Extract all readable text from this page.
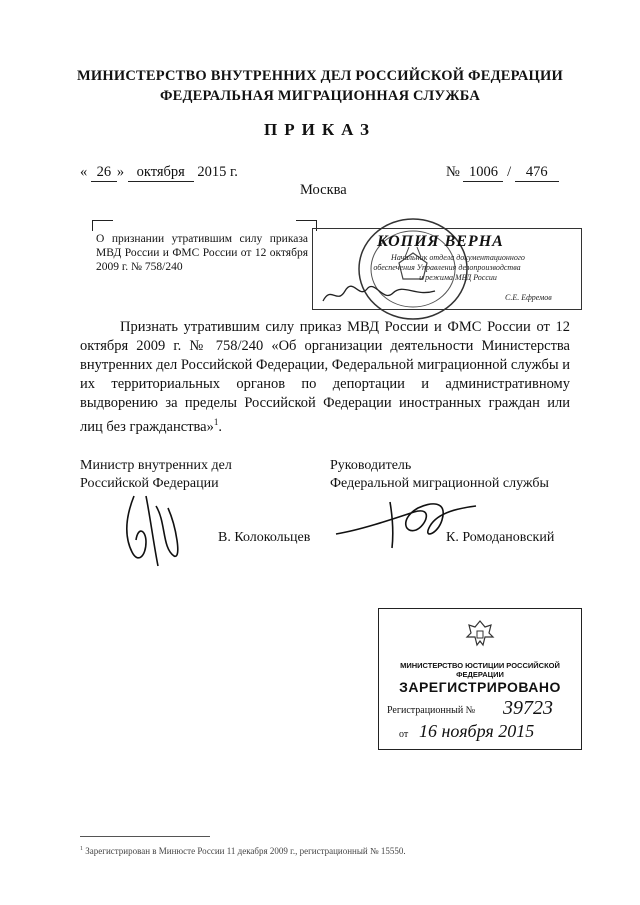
МИНИСТЕРСТВО ВНУТРЕННИХ ДЕЛ РОССИЙСКОЙ ФЕДЕРАЦИИ
ФЕДЕРАЛЬНАЯ МИГРАЦИОННАЯ СЛУЖБА
ПРИКАЗ
« 26 » октября 2015 г.	№ 1006 / 476
Москва
О признании утратившим силу приказа МВД России и ФМС России от 12 октября 2009 г. № 758/240
КОПИЯ ВЕРНА
Начальник отдела документационного
обеспечения Управления делопроизводства
и режима МВД России
С.Е. Ефремов
Признать утратившим силу приказ МВД России и ФМС России от 12 октября 2009 г. № 758/240 «Об организации деятельности Министерства внутренних дел Российской Федерации, Федеральной миграционной службы и их территориальных органов по депортации и административному выдворению за пределы Российской Федерации иностранных граждан или лиц без гражданства»$^1$.
Министр внутренних дел
Российской Федерации
В. Колокольцев
Руководитель
Федеральной миграционной службы
К. Ромодановский
МИНИСТЕРСТВО ЮСТИЦИИ РОССИЙСКОЙ ФЕДЕРАЦИИ
ЗАРЕГИСТРИРОВАНО
Регистрационный № 39723
от 16 ноября 2015
$^1$ Зарегистрирован в Минюсте России 11 декабря 2009 г., регистрационный № 15550.
